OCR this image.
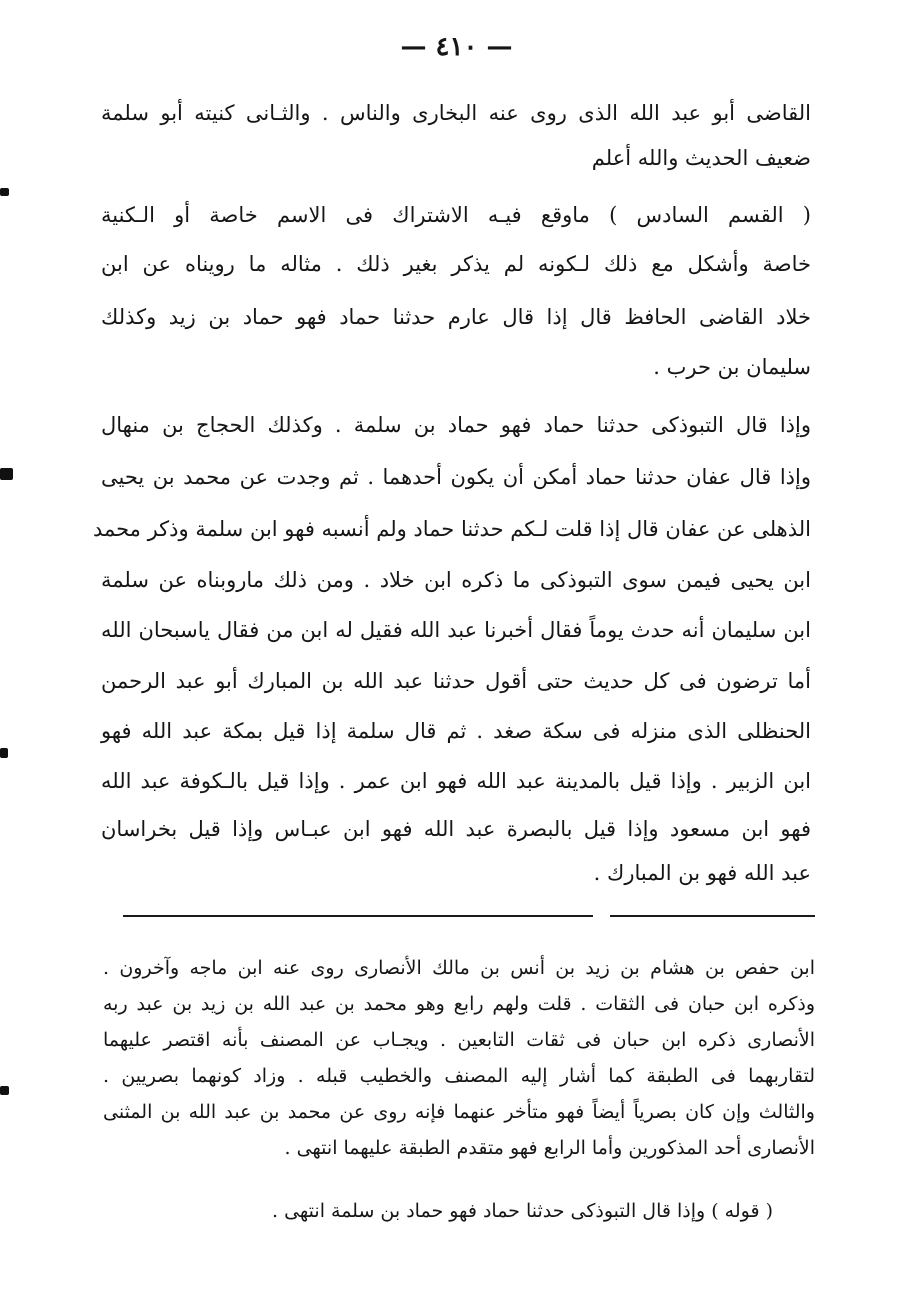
— ٤١٠ —
القاضى أبو عبد الله الذى روى عنه البخارى والناس . والثـانى كنيته أبو سلمة
ضعيف الحديث والله أعلم
( القسم السادس ) ماوقع فيـه الاشتراك فى الاسم خاصة أو الـكنية
خاصة وأشكل مع ذلك لـكونه لم يذكر بغير ذلك . مثاله ما رويناه عن ابن
خلاد القاضى الحافظ قال إذا قال عارم حدثنا حماد فهو حماد بن زيد وكذلك
سليمان بن حرب .
وإذا قال التبوذكى حدثنا حماد فهو حماد بن سلمة . وكذلك الحجاج بن منهال
وإذا قال عفان حدثنا حماد أمكن أن يكون أحدهما . ثم وجدت عن محمد بن يحيى
الذهلى عن عفان قال إذا قلت لـكم حدثنا حماد ولم أنسبه فهو ابن سلمة وذكر محمد
ابن يحيى فيمن سوى التبوذكى ما ذكره ابن خلاد . ومن ذلك ماروبناه عن سلمة
ابن سليمان أنه حدث يوماً فقال أخبرنا عبد الله فقيل له ابن من فقال ياسبحان الله
أما ترضون فى كل حديث حتى أقول حدثنا عبد الله بن المبارك أبو عبد الرحمن
الحنظلى الذى منزله فى سكة صغد . ثم قال سلمة إذا قيل بمكة عبد الله فهو
ابن الزبير . وإذا قيل بالمدينة عبد الله فهو ابن عمر . وإذا قيل بالـكوفة عبد الله
فهو ابن مسعود وإذا قيل بالبصرة عبد الله فهو ابن عبـاس وإذا قيل بخراسان
عبد الله فهو بن المبارك .
ابن حفص بن هشام بن زيد بن أنس بن مالك الأنصارى روى عنه ابن ماجه وآخرون .
وذكره ابن حبان فى الثقات . قلت ولهم رابع وهو محمد بن عبد الله بن زيد بن عبد ربه
الأنصارى ذكره ابن حبان فى ثقات التابعين . ويجـاب عن المصنف بأنه اقتصر عليهما
لتقاربهما فى الطبقة كما أشار إليه المصنف والخطيب قبله . وزاد كونهما بصريين .
والثالث وإن كان بصرياً أيضاً فهو متأخر عنهما فإنه روى عن محمد بن عبد الله بن المثنى
الأنصارى أحد المذكورين وأما الرابع فهو متقدم الطبقة عليهما انتهى .
( قوله ) وإذا قال التبوذكى حدثنا حماد فهو حماد بن سلمة انتهى .
